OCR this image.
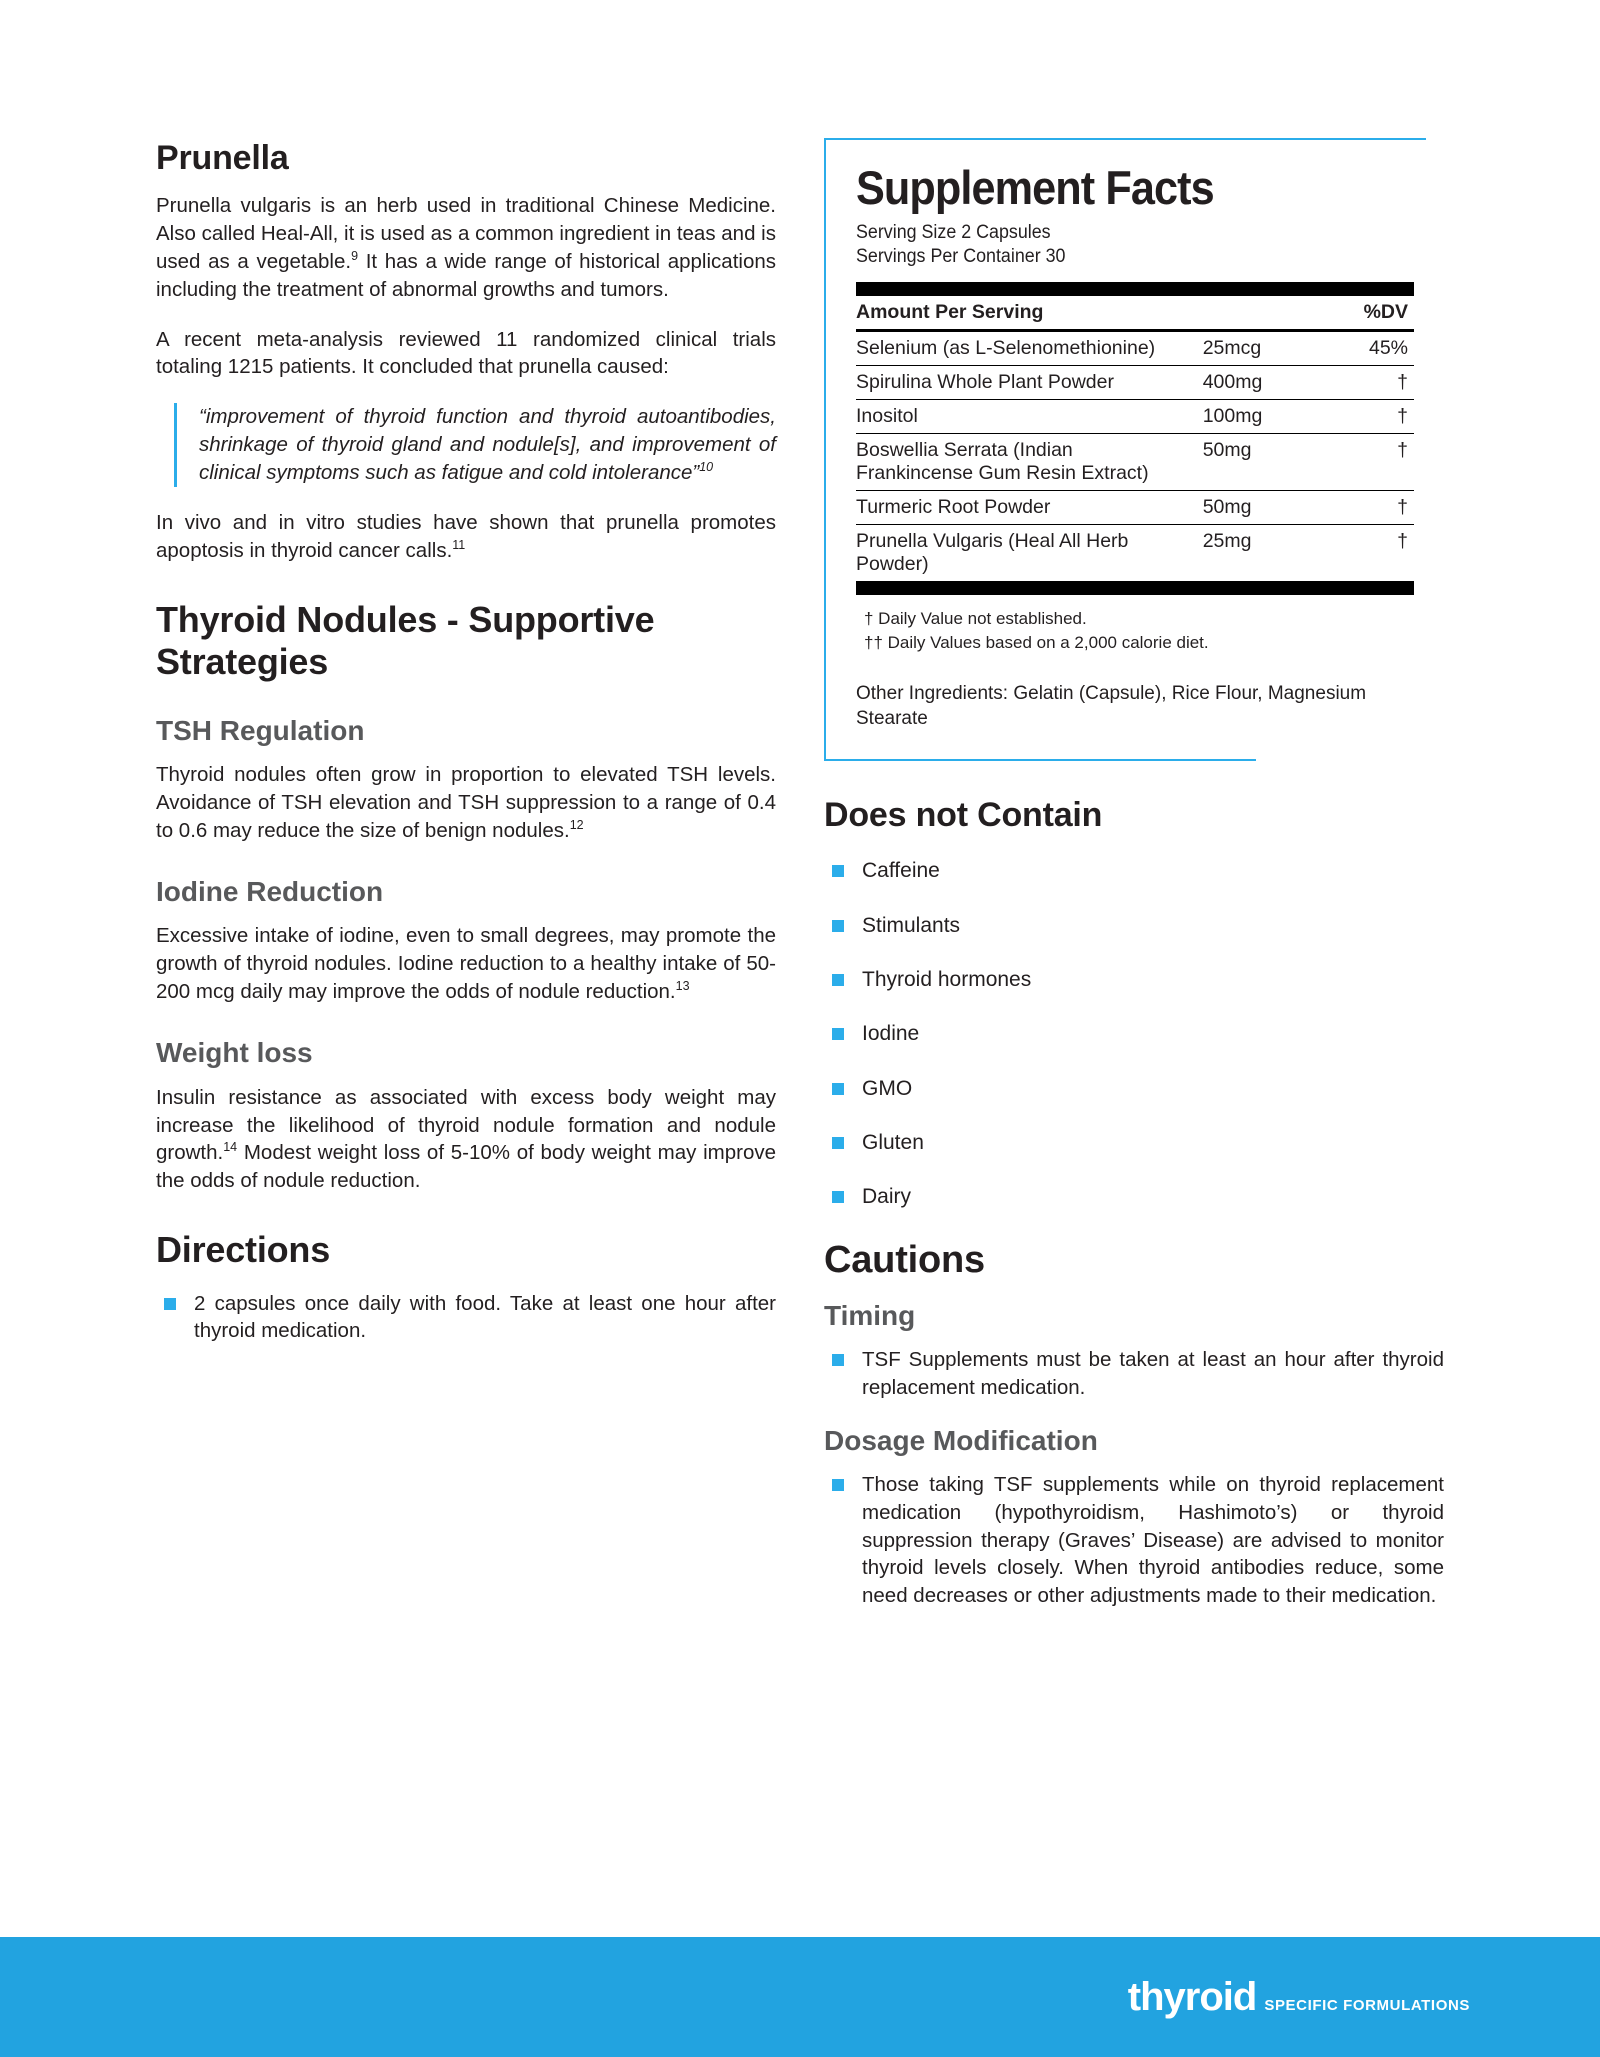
Prunella

Prunella vulgaris is an herb used in traditional Chinese Medicine. Also called Heal-All, it is used as a common ingredient in teas and is used as a vegetable.$^9$ It has a wide range of historical applications including the treatment of abnormal growths and tumors.

A recent meta-analysis reviewed 11 randomized clinical trials totaling 1215 patients. It concluded that prunella caused:

“improvement of thyroid function and thyroid autoantibodies, shrinkage of thyroid gland and nodule[s], and improvement of clinical symptoms such as fatigue and cold intolerance”$^{10}$

In vivo and in vitro studies have shown that prunella promotes apoptosis in thyroid cancer calls.$^{11}$

Thyroid Nodules - Supportive Strategies
TSH Regulation

Thyroid nodules often grow in proportion to elevated TSH levels. Avoidance of TSH elevation and TSH suppression to a range of 0.4 to 0.6 may reduce the size of benign nodules.$^{12}$

Iodine Reduction

Excessive intake of iodine, even to small degrees, may promote the growth of thyroid nodules. Iodine reduction to a healthy intake of 50-200 mcg daily may improve the odds of nodule reduction.$^{13}$

Weight loss

Insulin resistance as associated with excess body weight may increase the likelihood of thyroid nodule formation and nodule growth.$^{14}$ Modest weight loss of 5-10% of body weight may improve the odds of nodule reduction.

Directions
2 capsules once daily with food. Take at least one hour after thyroid medication.
Supplement Facts
Serving Size 2 Capsules
Servings Per Container 30
Amount Per Serving		%DV
Selenium (as L-Selenomethionine)	25mcg	45%
Spirulina Whole Plant Powder	400mg	†
Inositol	100mg	†
Boswellia Serrata (Indian Frankincense Gum Resin Extract)	50mg	†
Turmeric Root Powder	50mg	†
Prunella Vulgaris (Heal All Herb Powder)	25mg	†
† Daily Value not established.
†† Daily Values based on a 2,000 calorie diet.
Other Ingredients: Gelatin (Capsule), Rice Flour, Magnesium Stearate
Does not Contain
Caffeine
Stimulants
Thyroid hormones
Iodine
GMO
Gluten
Dairy
Cautions
Timing
TSF Supplements must be taken at least an hour after thyroid replacement medication.
Dosage Modification
Those taking TSF supplements while on thyroid replacement medication (hypothyroidism, Hashimoto’s) or thyroid suppression therapy (Graves’ Disease) are advised to monitor thyroid levels closely. When thyroid antibodies reduce, some need decreases or other adjustments made to their medication.
thyroid SPECIFIC FORMULATIONS
